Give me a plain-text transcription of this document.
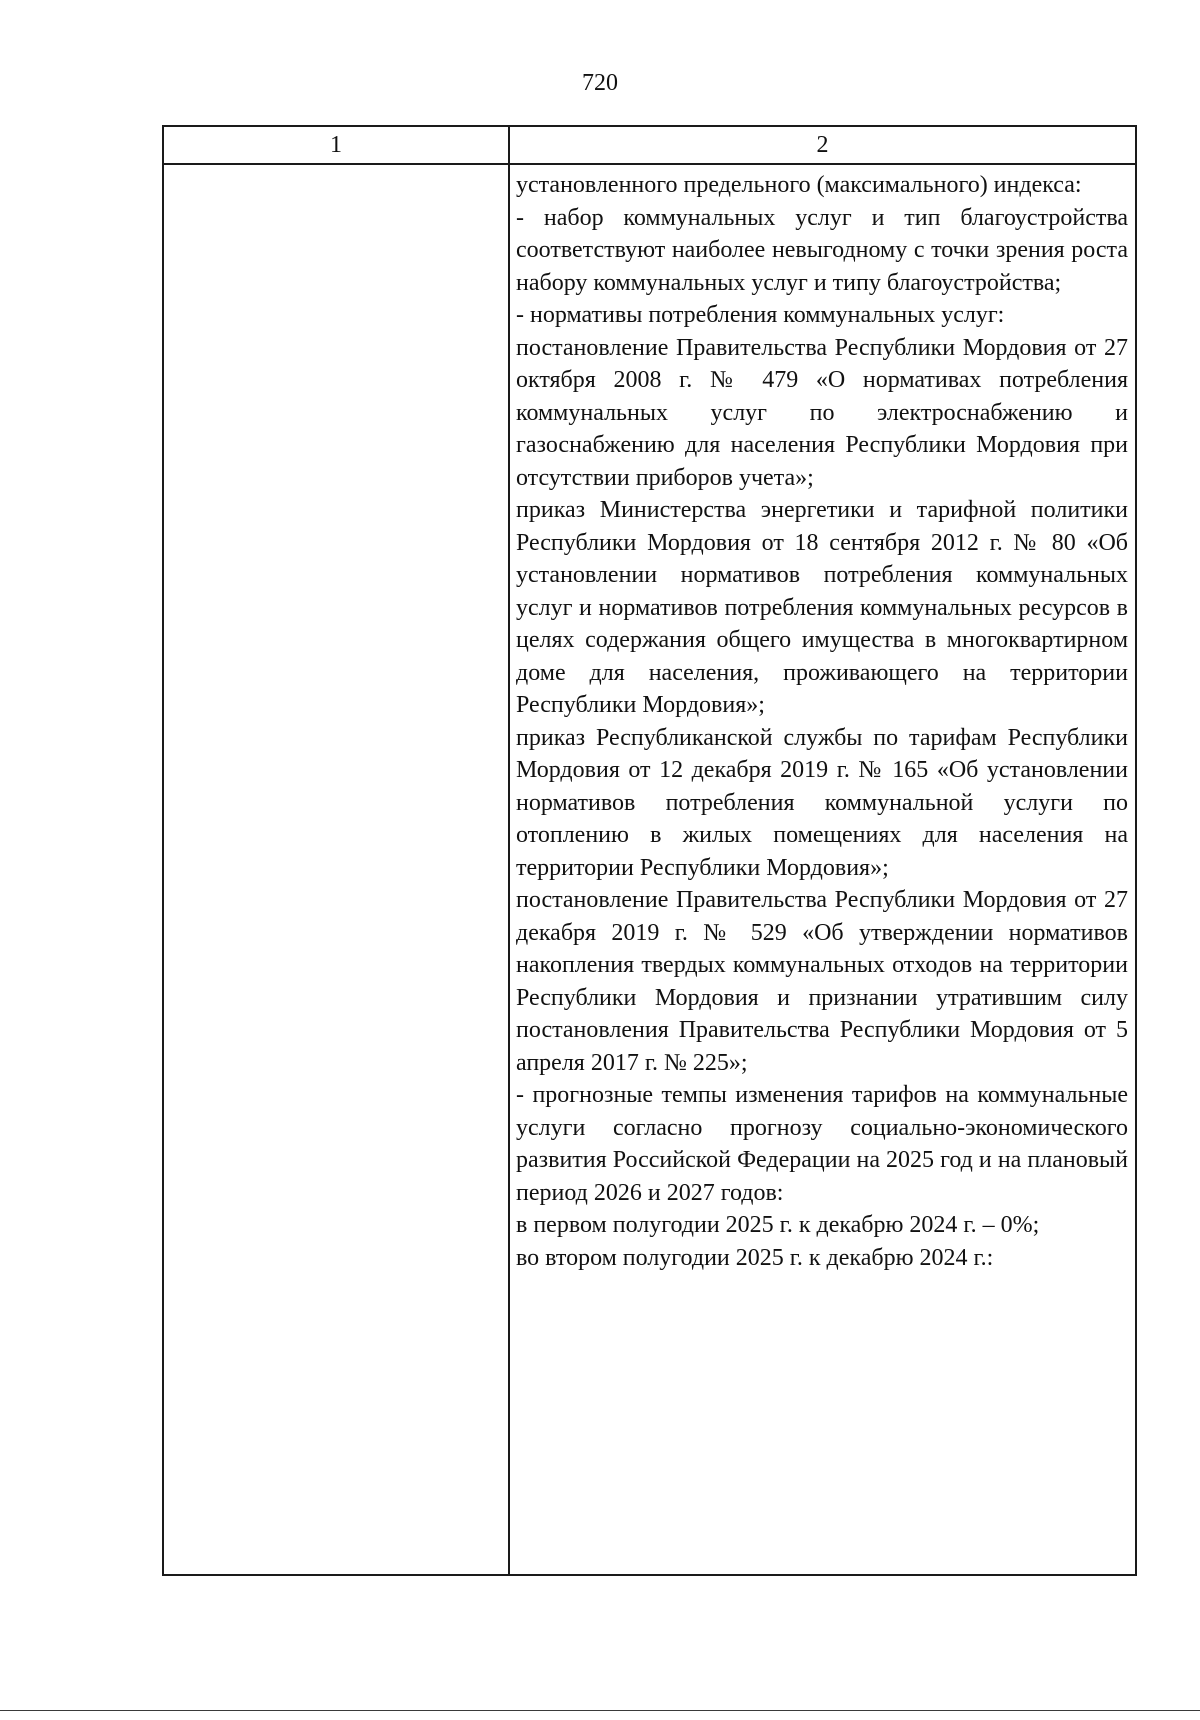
720
1	2

установленного предельного (максимального) индекса:

- набор коммунальных услуг и тип благоустройства соответствуют наиболее невыгодному с точки зрения роста набору коммунальных услуг и типу благоустройства;

- нормативы потребления коммунальных услуг:

постановление Правительства Республики Мордовия от 27 октября 2008 г. № 479 «О нормативах потребления коммунальных услуг по электроснабжению и газоснабжению для населения Республики Мордовия при отсутствии приборов учета»;

приказ Министерства энергетики и тарифной политики Республики Мордовия от 18 сентября 2012 г. № 80 «Об установлении нормативов потребления коммунальных услуг и нормативов потребления коммунальных ресурсов в целях содержания общего имущества в многоквартирном доме для населения, проживающего на территории Республики Мордовия»;

приказ Республиканской службы по тарифам Республики Мордовия от 12 декабря 2019 г. № 165 «Об установлении нормативов потребления коммунальной услуги по отоплению в жилых помещениях для населения на территории Республики Мордовия»;

постановление Правительства Республики Мордовия от 27 декабря 2019 г. № 529 «Об утверждении нормативов накопления твердых коммунальных отходов на территории Республики Мордовия и признании утратившим силу постановления Правительства Республики Мордовия от 5 апреля 2017 г. № 225»;

- прогнозные темпы изменения тарифов на коммунальные услуги согласно прогнозу социально-экономического развития Российской Федерации на 2025 год и на плановый период 2026 и 2027 годов:

в первом полугодии 2025 г. к декабрю 2024 г. – 0%;

во втором полугодии 2025 г. к декабрю 2024 г.:
